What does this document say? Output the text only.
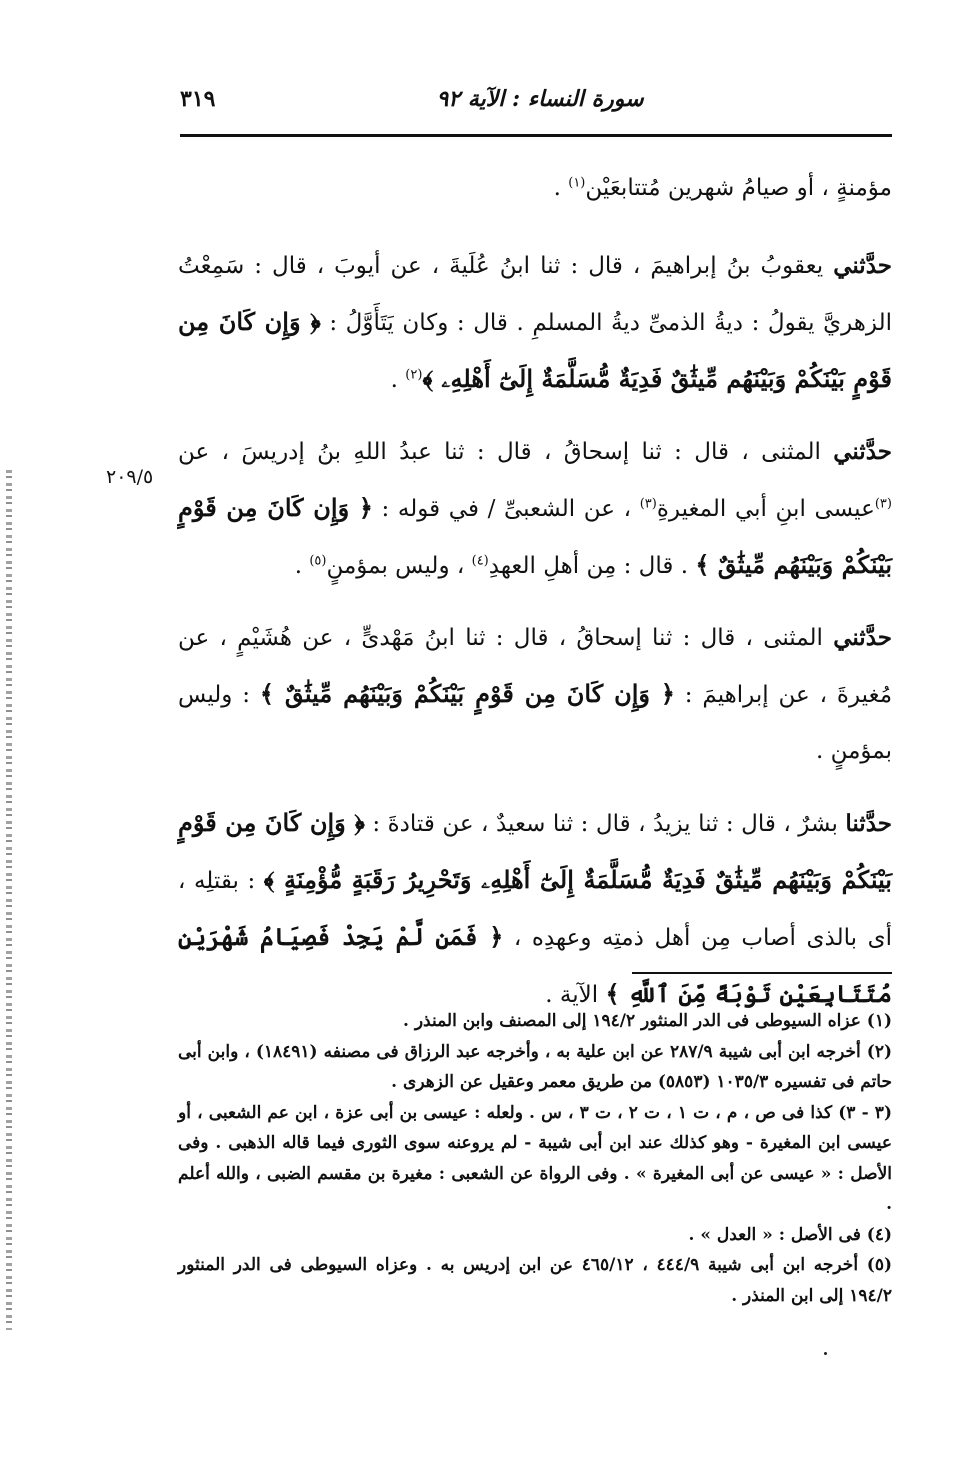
٣١٩	سورة النساء : الآية ٩٢
٢٠٩/٥

مؤمنةٍ ، أو صيامُ شهرين مُتتابعَيْن$^{(١)}$ .

حدَّثني يعقوبُ بنُ إبراهيمَ ، قال : ثنا ابنُ عُلَيةَ ، عن أيوبَ ، قال : سَمِعْتُ الزهريَّ يقولُ : ديةُ الذمىِّ ديةُ المسلمِ . قال : وكان يَتَأَوَّلُ : ﴿ وَإِن كَانَ مِن قَوْمٍ بَيْنَكُمْ وَبَيْنَهُم مِّيثَٰقٌ فَدِيَةٌ مُّسَلَّمَةٌ إِلَىٰٓ أَهْلِهِۦ ﴾$^{(٢)}$ .

حدَّثني المثنى ، قال : ثنا إسحاقُ ، قال : ثنا عبدُ اللهِ بنُ إدريسَ ، عن $^{(٣)}$عيسى ابنِ أبي المغيرةِ$^{(٣)}$ ، عن الشعبىِّ / في قوله : ﴿ وَإِن كَانَ مِن قَوْمٍ بَيْنَكُمْ وَبَيْنَهُم مِّيثَٰقٌ ﴾ . قال : مِن أهلِ العهدِ$^{(٤)}$ ، وليس بمؤمنٍ$^{(٥)}$ .

حدَّثني المثنى ، قال : ثنا إسحاقُ ، قال : ثنا ابنُ مَهْدىٍّ ، عن هُشَيْمٍ ، عن مُغيرةَ ، عن إبراهيمَ : ﴿ وَإِن كَانَ مِن قَوْمٍ بَيْنَكُمْ وَبَيْنَهُم مِّيثَٰقٌ ﴾ : وليس بمؤمنٍ .

حدَّثنا بشرٌ ، قال : ثنا يزيدُ ، قال : ثنا سعيدٌ ، عن قتادةَ : ﴿ وَإِن كَانَ مِن قَوْمٍ بَيْنَكُمْ وَبَيْنَهُم مِّيثَٰقٌ فَدِيَةٌ مُّسَلَّمَةٌ إِلَىٰٓ أَهْلِهِۦ وَتَحْرِيرُ رَقَبَةٍ مُّؤْمِنَةٍ ﴾ : بقتلِه ، أى بالذى أصاب مِن أهل ذمتِه وعهدِه ، ﴿ فَمَن لَّمْ يَجِدْ فَصِيَامُ شَهْرَيْنِ مُتَتَابِعَيْنِ تَوْبَةً مِّنَ ٱللَّهِ ﴾ الآية .

(١) عزاه السيوطى فى الدر المنثور ١٩٤/٢ إلى المصنف وابن المنذر .

(٢) أخرجه ابن أبى شيبة ٢٨٧/٩ عن ابن علية به ، وأخرجه عبد الرزاق فى مصنفه (١٨٤٩١) ، وابن أبى حاتم فى تفسيره ١٠٣٥/٣ (٥٨٥٣) من طريق معمر وعقيل عن الزهرى .

(٣ - ٣) كذا فى ص ، م ، ت ١ ، ت ٢ ، ت ٣ ، س . ولعله : عيسى بن أبى عزة ، ابن عم الشعبى ، أو عيسى ابن المغيرة - وهو كذلك عند ابن أبى شيبة - لم يروعنه سوى الثورى فيما قاله الذهبى . وفى الأصل : « عيسى عن أبى المغيرة » . وفى الرواة عن الشعبى : مغيرة بن مقسم الضبى ، والله أعلم .

(٤) فى الأصل : « العدل » .

(٥) أخرجه ابن أبى شيبة ٤٤٤/٩ ، ٤٦٥/١٢ عن ابن إدريس به . وعزاه السيوطى فى الدر المنثور ١٩٤/٢ إلى ابن المنذر .
